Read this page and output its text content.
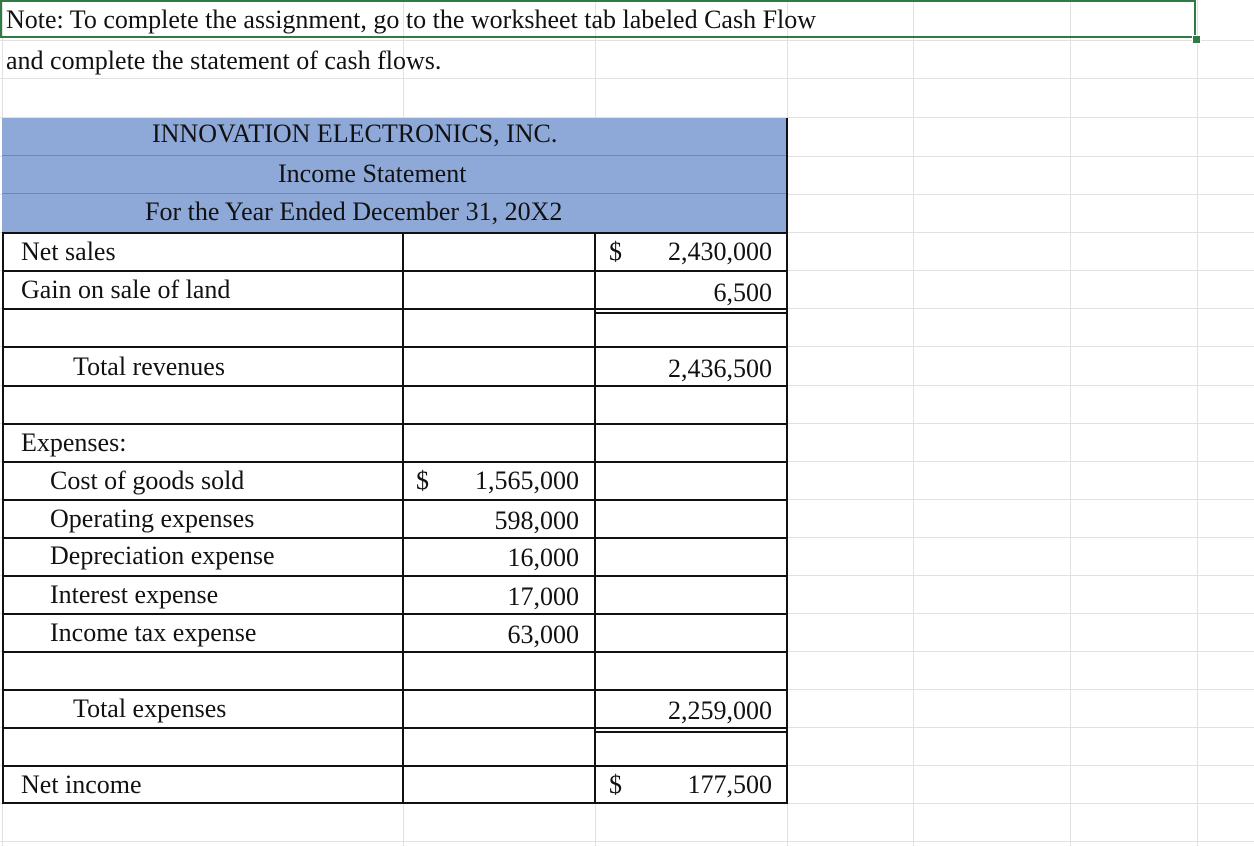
Note: To complete the assignment, go to the worksheet tab labeled Cash Flow
and complete the statement of cash flows.
INNOVATION ELECTRONICS, INC.
Income Statement
For the Year Ended December 31, 20X2
Net sales	$ 2,430,000
Gain on sale of land	6,500
Total revenues	2,436,500
Expenses:
Cost of goods sold	$ 1,565,000
Operating expenses	598,000
Depreciation expense	16,000
Interest expense	17,000
Income tax expense	63,000
Total expenses	2,259,000
Net income	$	177,500
